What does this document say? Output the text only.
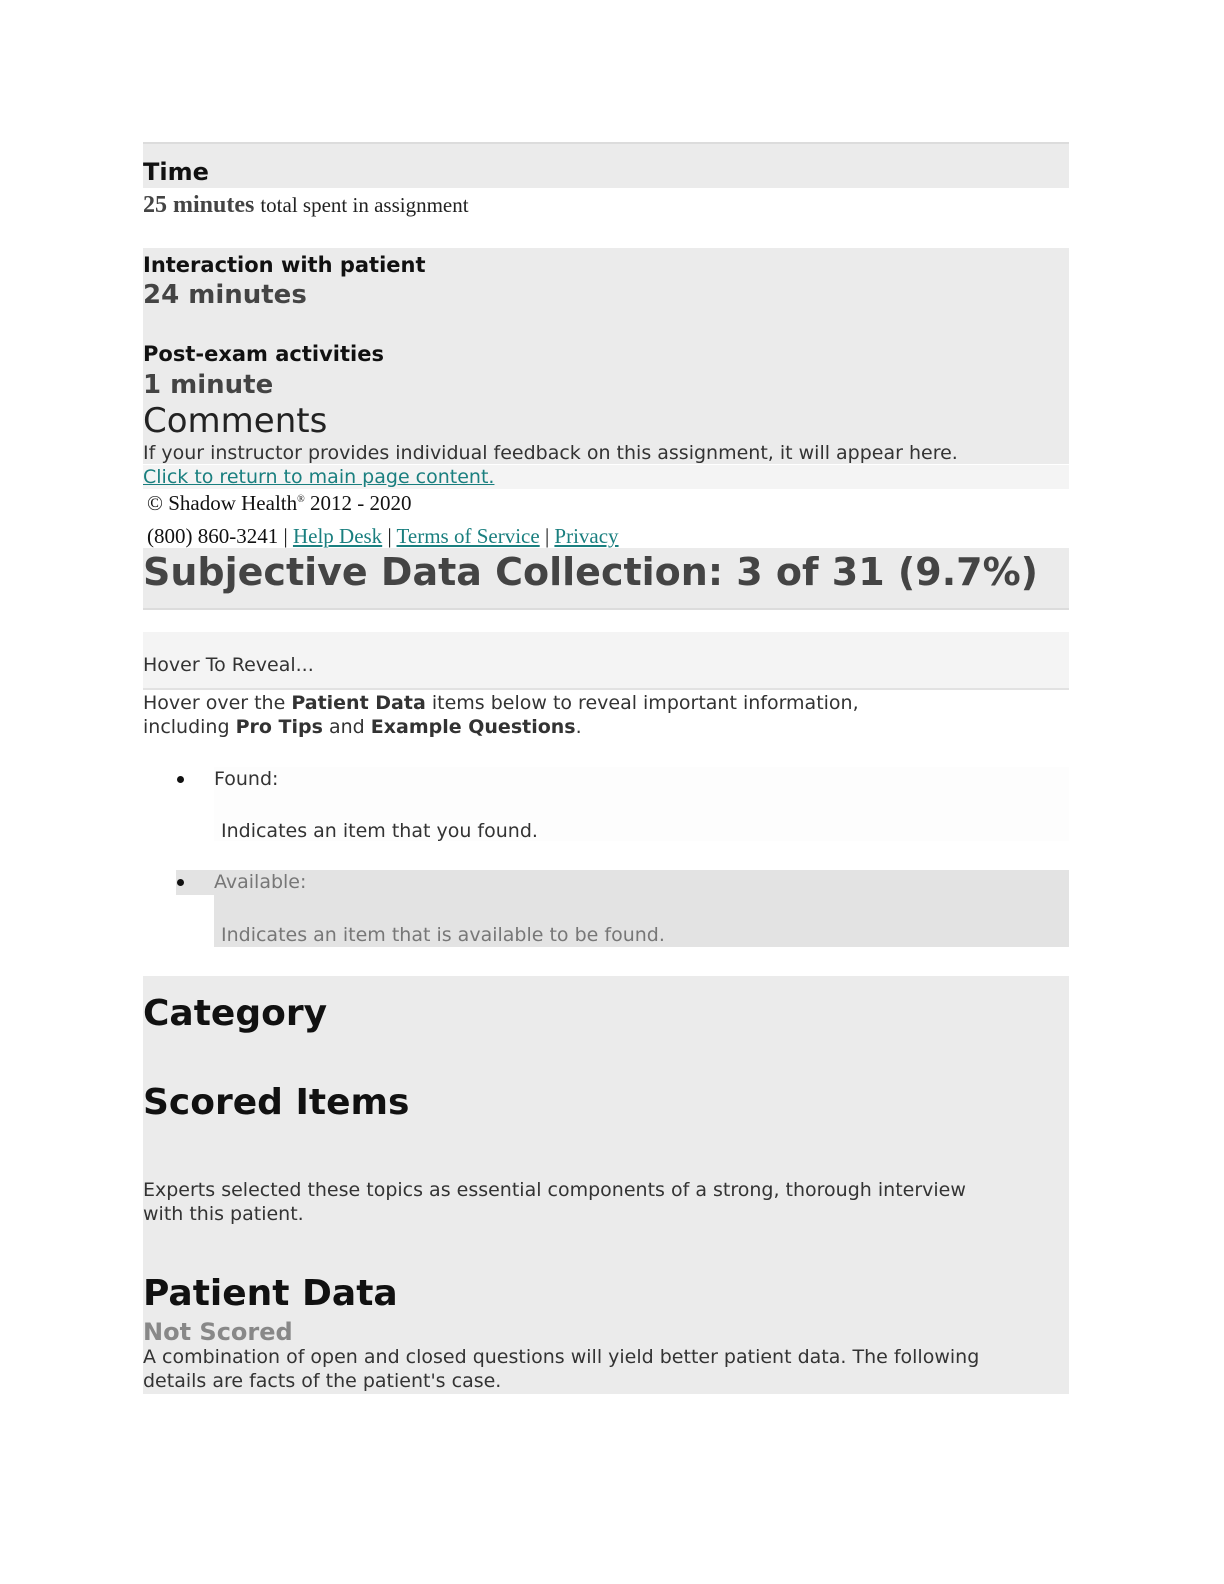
Time
25 minutes total spent in assignment
Interaction with patient
24 minutes
Post-exam activities
1 minute
Comments
If your instructor provides individual feedback on this assignment, it will appear here.
Click to return to main page content.
© Shadow Health® 2012 - 2020
(800) 860-3241 | Help Desk | Terms of Service | Privacy
Subjective Data Collection: 3 of 31 (9.7%)
Hover To Reveal...
Hover over the Patient Data items below to reveal important information,
including Pro Tips and Example Questions.
Found:
Indicates an item that you found.
Available:
Indicates an item that is available to be found.
Category
Scored Items
Experts selected these topics as essential components of a strong, thorough interview
with this patient.
Patient Data
Not Scored
A combination of open and closed questions will yield better patient data. The following
details are facts of the patient's case.
